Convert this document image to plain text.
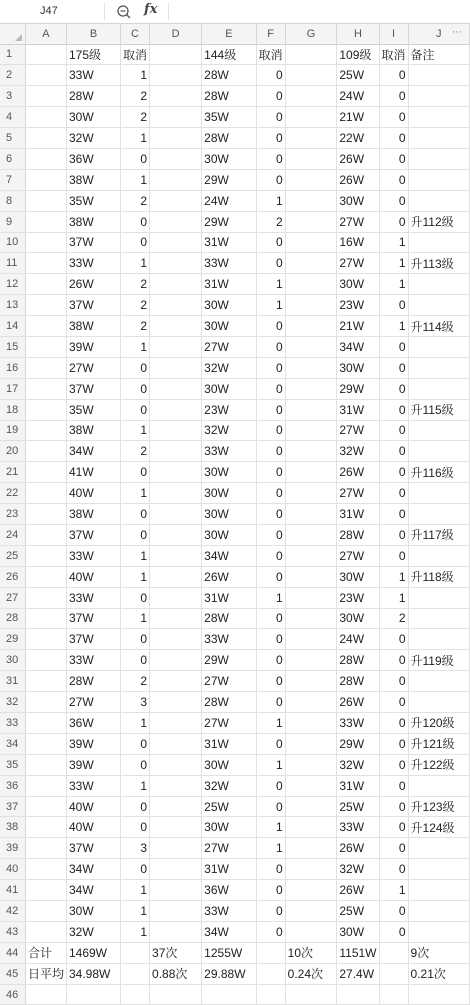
J47	fx
	A	B	C	D	E	F	G	H	I	J ⋯

1		175级	取消		144级	取消		109级	取消	备注
2		33W	1		28W	0		25W	0	
3		28W	2		28W	0		24W	0	
4		30W	2		35W	0		21W	0	
5		32W	1		28W	0		22W	0	
6		36W	0		30W	0		26W	0	
7		38W	1		29W	0		26W	0	
8		35W	2		24W	1		30W	0	
9		38W	0		29W	2		27W	0	升112级
10		37W	0		31W	0		16W	1	
11		33W	1		33W	0		27W	1	升113级
12		26W	2		31W	1		30W	1	
13		37W	2		30W	1		23W	0	
14		38W	2		30W	0		21W	1	升114级
15		39W	1		27W	0		34W	0	
16		27W	0		32W	0		30W	0	
17		37W	0		30W	0		29W	0	
18		35W	0		23W	0		31W	0	升115级
19		38W	1		32W	0		27W	0	
20		34W	2		33W	0		32W	0	
21		41W	0		30W	0		26W	0	升116级
22		40W	1		30W	0		27W	0	
23		38W	0		30W	0		31W	0	
24		37W	0		30W	0		28W	0	升117级
25		33W	1		34W	0		27W	0	
26		40W	1		26W	0		30W	1	升118级
27		33W	0		31W	1		23W	1	
28		37W	1		28W	0		30W	2	
29		37W	0		33W	0		24W	0	
30		33W	0		29W	0		28W	0	升119级
31		28W	2		27W	0		28W	0	
32		27W	3		28W	0		26W	0	
33		36W	1		27W	1		33W	0	升120级
34		39W	0		31W	0		29W	0	升121级
35		39W	0		30W	1		32W	0	升122级
36		33W	1		32W	0		31W	0	
37		40W	0		25W	0		25W	0	升123级
38		40W	0		30W	1		33W	0	升124级
39		37W	3		27W	1		26W	0	
40		34W	0		31W	0		32W	0	
41		34W	1		36W	0		26W	1	
42		30W	1		33W	0		25W	0	
43		32W	1		34W	0		30W	0	
44	合计	1469W		37次	1255W		10次	1151W		9次
45	日平均	34.98W		0.88次	29.88W		0.24次	27.4W		0.21次
46										
